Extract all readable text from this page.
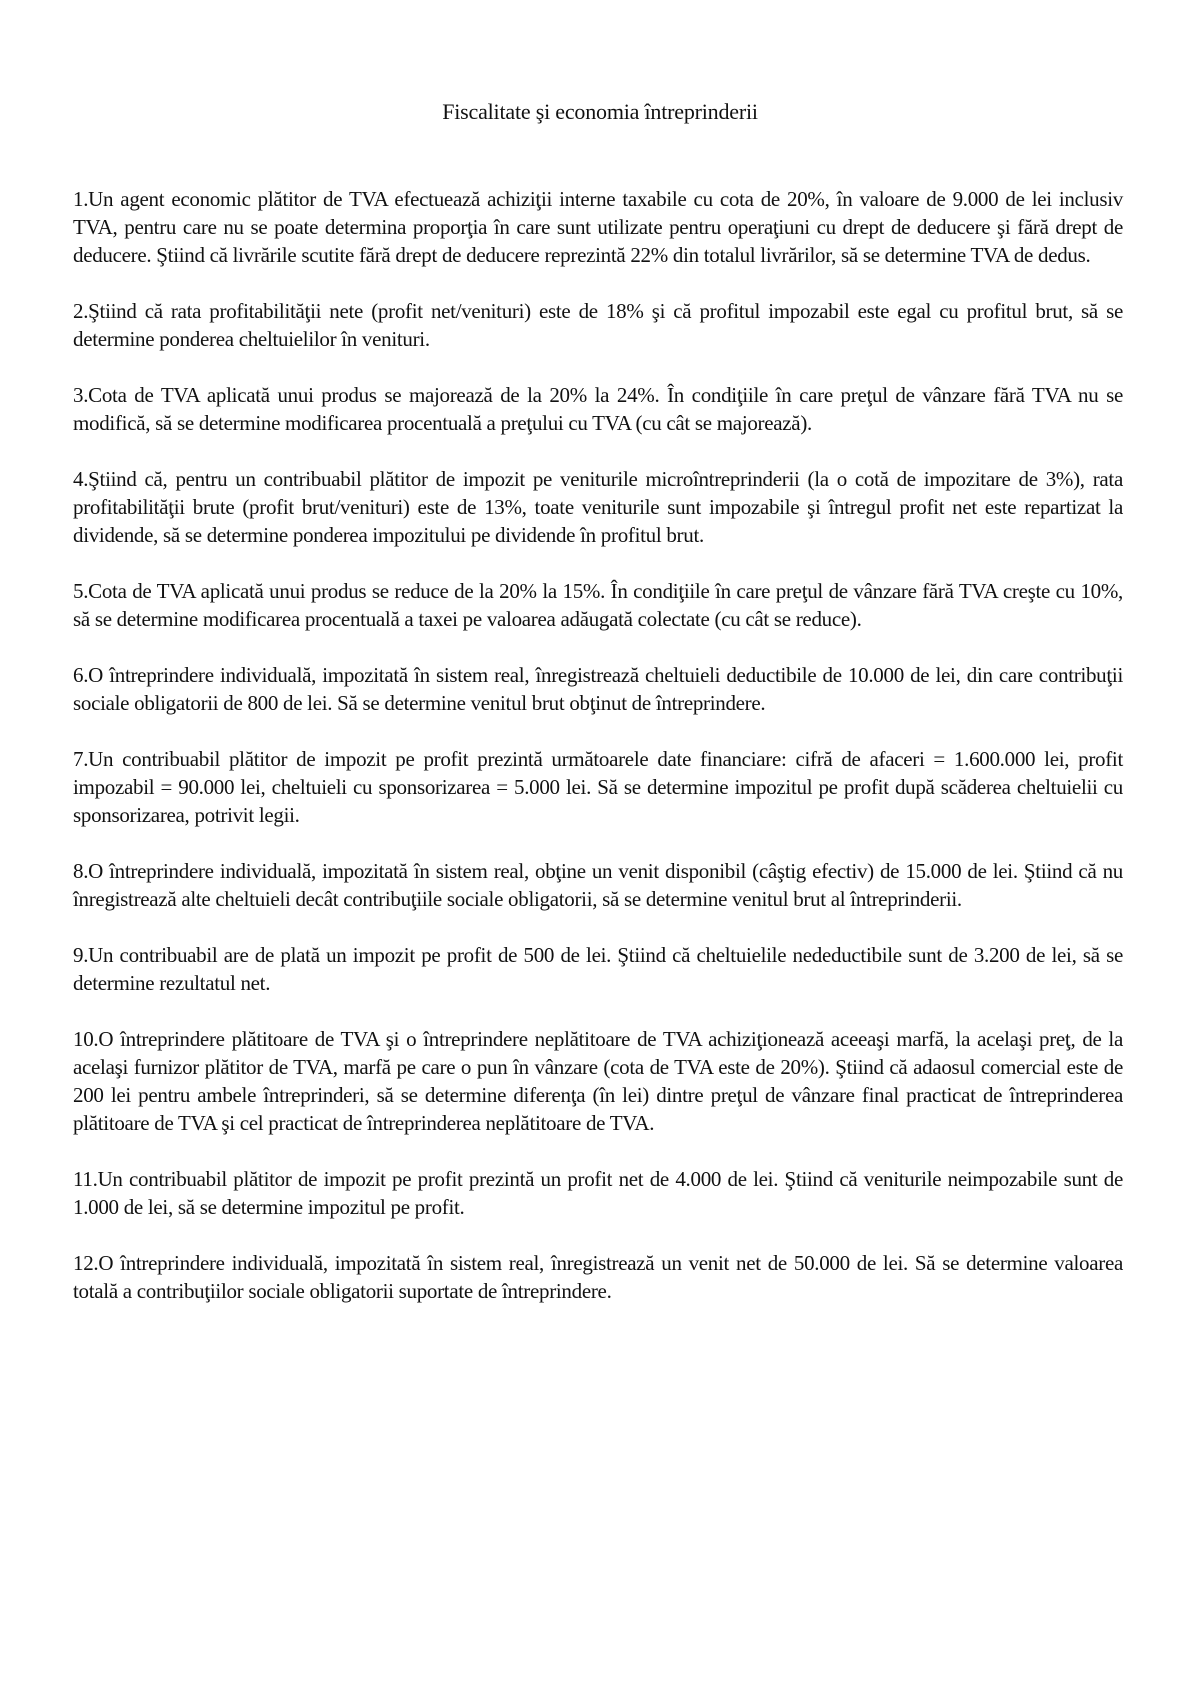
Fiscalitate şi economia întreprinderii

1.Un agent economic plătitor de TVA efectuează achiziţii interne taxabile cu cota de 20%, în valoare de 9.000 de lei inclusiv TVA, pentru care nu se poate determina proporţia în care sunt utilizate pentru operaţiuni cu drept de deducere şi fără drept de deducere. Ştiind că livrările scutite fără drept de deducere reprezintă 22% din totalul livrărilor, să se determine TVA de dedus.

2.Ştiind că rata profitabilităţii nete (profit net/venituri) este de 18% şi că profitul impozabil este egal cu profitul brut, să se determine ponderea cheltuielilor în venituri.

3.Cota de TVA aplicată unui produs se majorează de la 20% la 24%. În condiţiile în care preţul de vânzare fără TVA nu se modifică, să se determine modificarea procentuală a preţului cu TVA (cu cât se majorează).

4.Ştiind că, pentru un contribuabil plătitor de impozit pe veniturile microîntreprinderii (la o cotă de impozitare de 3%), rata profitabilităţii brute (profit brut/venituri) este de 13%, toate veniturile sunt impozabile şi întregul profit net este repartizat la dividende, să se determine ponderea impozitului pe dividende în profitul brut.

5.Cota de TVA aplicată unui produs se reduce de la 20% la 15%. În condiţiile în care preţul de vânzare fără TVA creşte cu 10%, să se determine modificarea procentuală a taxei pe valoarea adăugată colectate (cu cât se reduce).

6.O întreprindere individuală, impozitată în sistem real, înregistrează cheltuieli deductibile de 10.000 de lei, din care contribuţii sociale obligatorii de 800 de lei. Să se determine venitul brut obţinut de întreprindere.

7.Un contribuabil plătitor de impozit pe profit prezintă următoarele date financiare: cifră de afaceri = 1.600.000 lei, profit impozabil = 90.000 lei, cheltuieli cu sponsorizarea = 5.000 lei. Să se determine impozitul pe profit după scăderea cheltuielii cu sponsorizarea, potrivit legii.

8.O întreprindere individuală, impozitată în sistem real, obţine un venit disponibil (câştig efectiv) de 15.000 de lei. Ştiind că nu înregistrează alte cheltuieli decât contribuţiile sociale obligatorii, să se determine venitul brut al întreprinderii.

9.Un contribuabil are de plată un impozit pe profit de 500 de lei. Ştiind că cheltuielile nedeductibile sunt de 3.200 de lei, să se determine rezultatul net.

10.O întreprindere plătitoare de TVA şi o întreprindere neplătitoare de TVA achiziţionează aceeaşi marfă, la acelaşi preţ, de la acelaşi furnizor plătitor de TVA, marfă pe care o pun în vânzare (cota de TVA este de 20%). Ştiind că adaosul comercial este de 200 lei pentru ambele întreprinderi, să se determine diferenţa (în lei) dintre preţul de vânzare final practicat de întreprinderea plătitoare de TVA şi cel practicat de întreprinderea neplătitoare de TVA.

11.Un contribuabil plătitor de impozit pe profit prezintă un profit net de 4.000 de lei. Ştiind că veniturile neimpozabile sunt de 1.000 de lei, să se determine impozitul pe profit.

12.O întreprindere individuală, impozitată în sistem real, înregistrează un venit net de 50.000 de lei. Să se determine valoarea totală a contribuţiilor sociale obligatorii suportate de întreprindere.
